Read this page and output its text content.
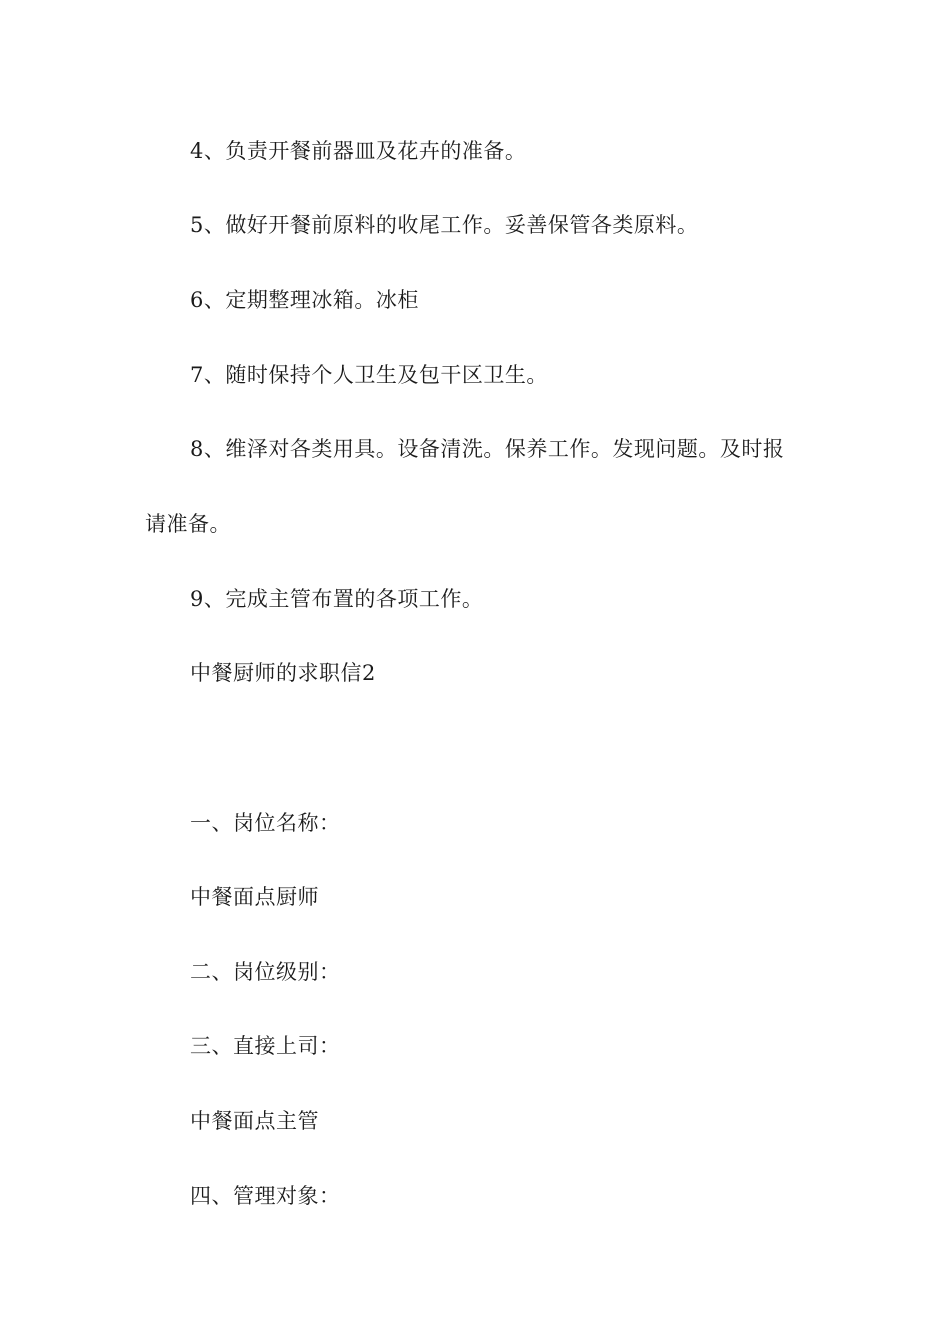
4、负责开餐前器皿及花卉的准备。
5、做好开餐前原料的收尾工作。妥善保管各类原料。
6、定期整理冰箱。冰柜
7、随时保持个人卫生及包干区卫生。
8、维泽对各类用具。设备清洗。保养工作。发现问题。及时报
请准备。
9、完成主管布置的各项工作。
中餐厨师的求职信2
一、岗位名称：
中餐面点厨师
二、岗位级别：
三、直接上司：
中餐面点主管
四、管理对象：
